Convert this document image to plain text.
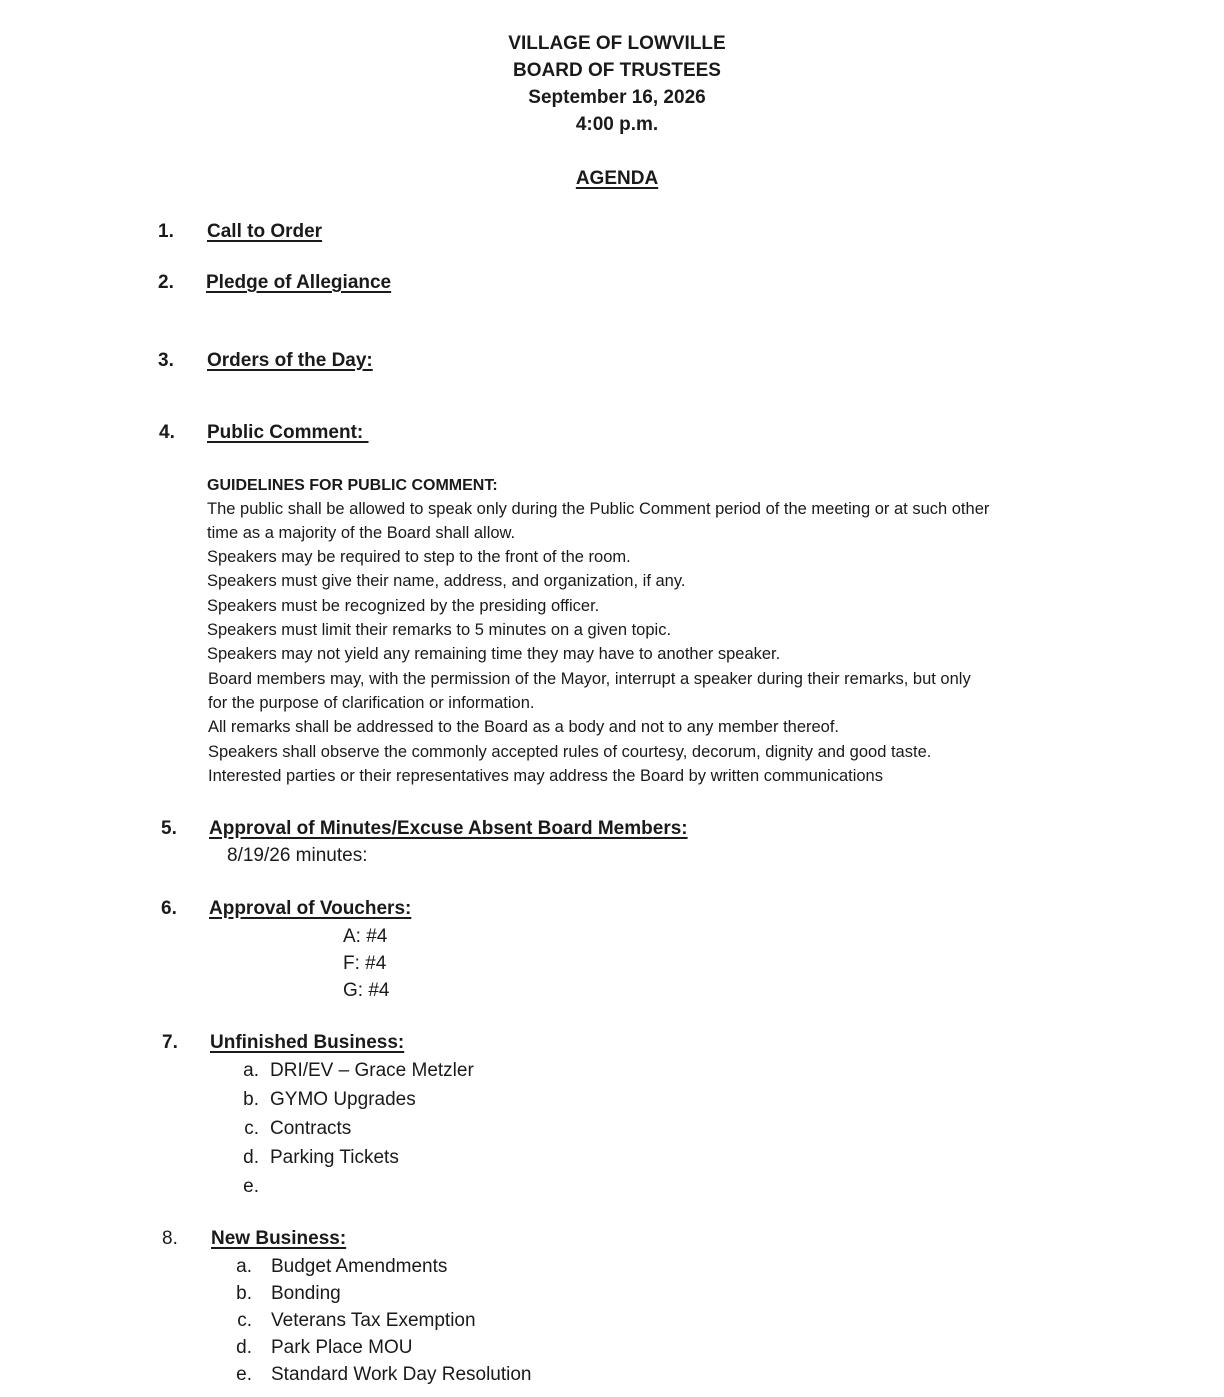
VILLAGE OF LOWVILLE
BOARD OF TRUSTEES
September 16, 2026
4:00 p.m.
AGENDA
1. Call to Order
2. Pledge of Allegiance
3. Orders of the Day:
4. Public Comment:
GUIDELINES FOR PUBLIC COMMENT:
The public shall be allowed to speak only during the Public Comment period of the meeting or at such other
time as a majority of the Board shall allow.
Speakers may be required to step to the front of the room.
Speakers must give their name, address, and organization, if any.
Speakers must be recognized by the presiding officer.
Speakers must limit their remarks to 5 minutes on a given topic.
Speakers may not yield any remaining time they may have to another speaker.
Board members may, with the permission of the Mayor, interrupt a speaker during their remarks, but only
for the purpose of clarification or information.
All remarks shall be addressed to the Board as a body and not to any member thereof.
Speakers shall observe the commonly accepted rules of courtesy, decorum, dignity and good taste.
Interested parties or their representatives may address the Board by written communications
5. Approval of Minutes/Excuse Absent Board Members:
8/19/26 minutes:
6. Approval of Vouchers:
A: #4
F: #4
G: #4
7. Unfinished Business:
a. DRI/EV – Grace Metzler
b. GYMO Upgrades
c. Contracts
d. Parking Tickets
e.
8. New Business:
a. Budget Amendments
b. Bonding
c. Veterans Tax Exemption
d. Park Place MOU
e. Standard Work Day Resolution
